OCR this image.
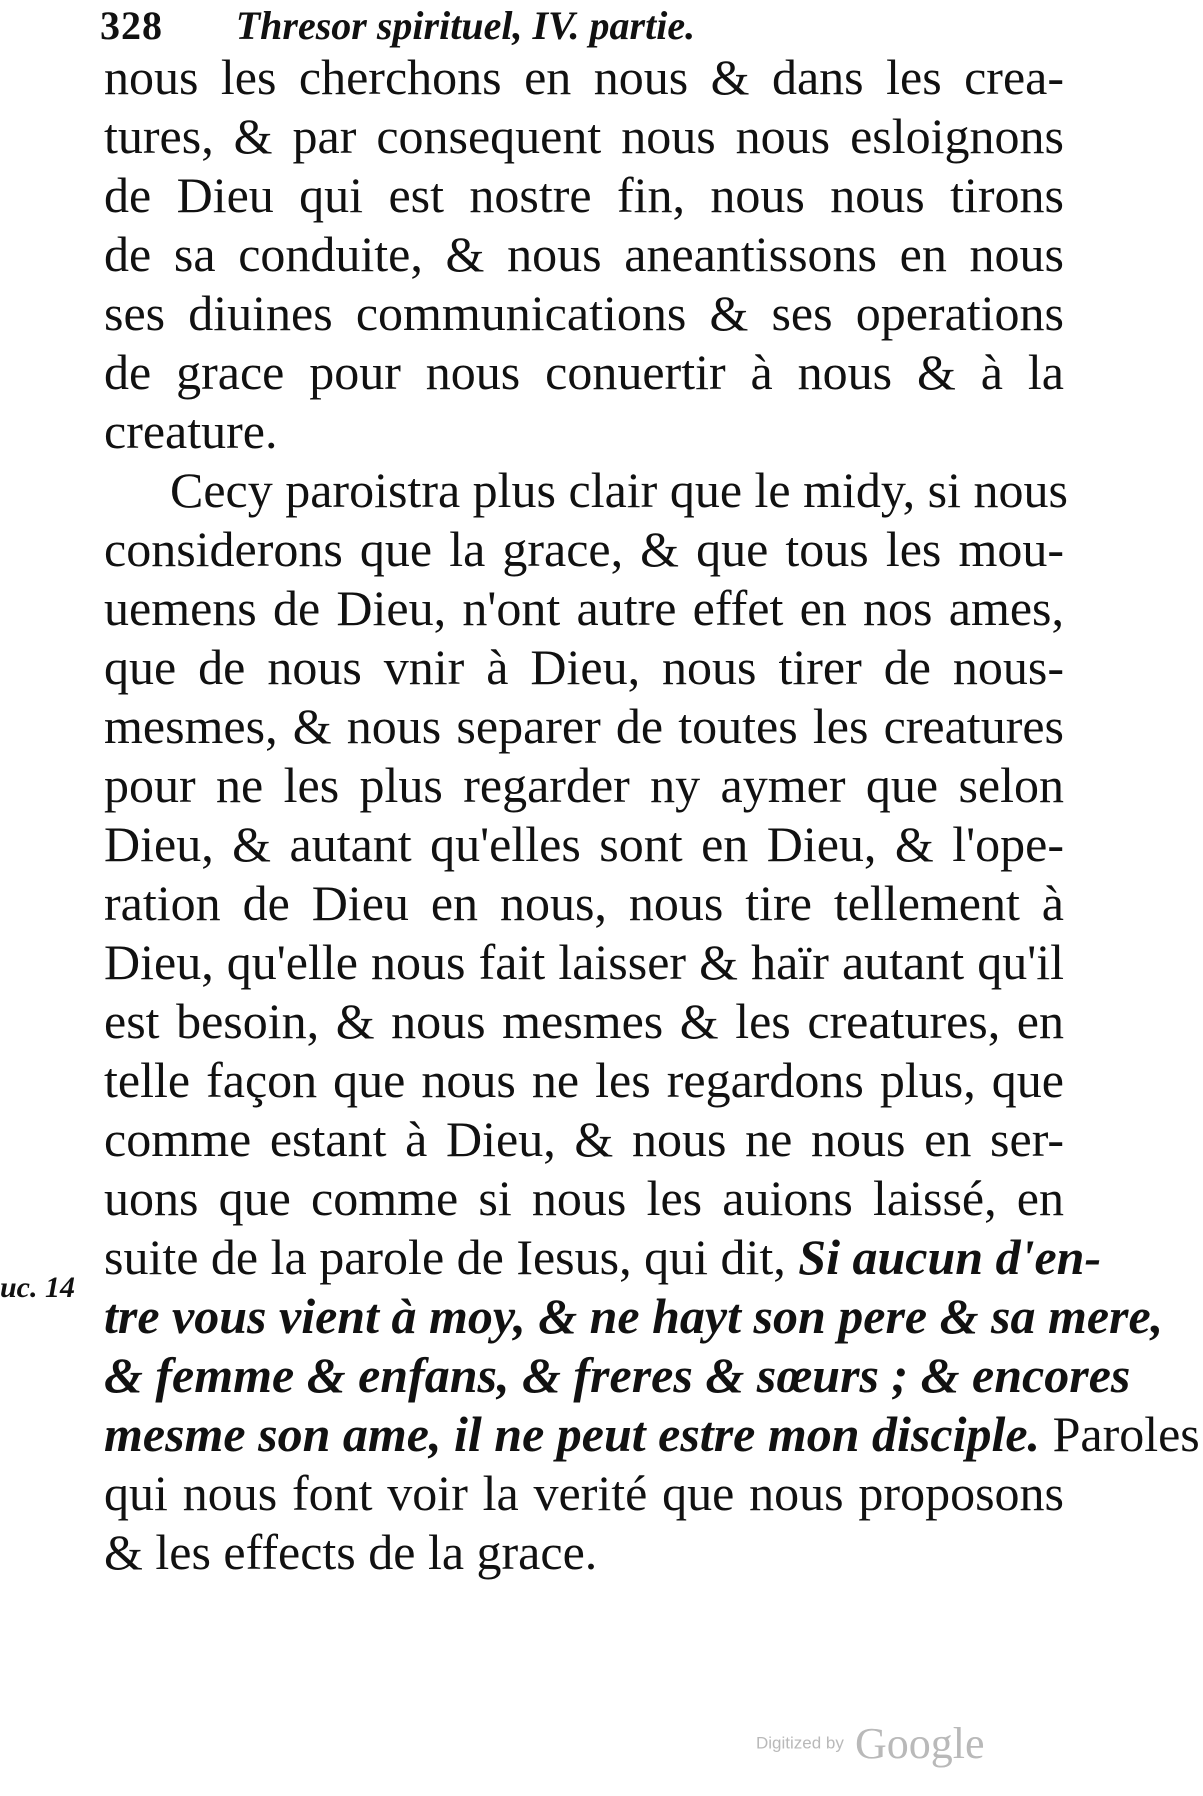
328 Thresor spirituel, IV. partie.
uc. 14
nous les cherchons en nous & dans les crea-
tures, & par consequent nous nous esloignons
de Dieu qui est nostre fin, nous nous tirons
de sa conduite, & nous aneantissons en nous
ses diuines communications & ses operations
de grace pour nous conuertir à nous & à la
creature.
Cecy paroistra plus clair que le midy, si nous
considerons que la grace, & que tous les mou-
uemens de Dieu, n'ont autre effet en nos ames,
que de nous vnir à Dieu, nous tirer de nous-
mesmes, & nous separer de toutes les creatures
pour ne les plus regarder ny aymer que selon
Dieu, & autant qu'elles sont en Dieu, & l'ope-
ration de Dieu en nous, nous tire tellement à
Dieu, qu'elle nous fait laisser & haïr autant qu'il
est besoin, & nous mesmes & les creatures, en
telle façon que nous ne les regardons plus, que
comme estant à Dieu, & nous ne nous en ser-
uons que comme si nous les auions laissé, en
suite de la parole de Iesus, qui dit, Si aucun d'en-
tre vous vient à moy, & ne hayt son pere & sa mere,
& femme & enfans, & freres & sœurs ; & encores
mesme son ame, il ne peut estre mon disciple. Paroles
qui nous font voir la verité que nous proposons
& les effects de la grace.
Digitized by Google
